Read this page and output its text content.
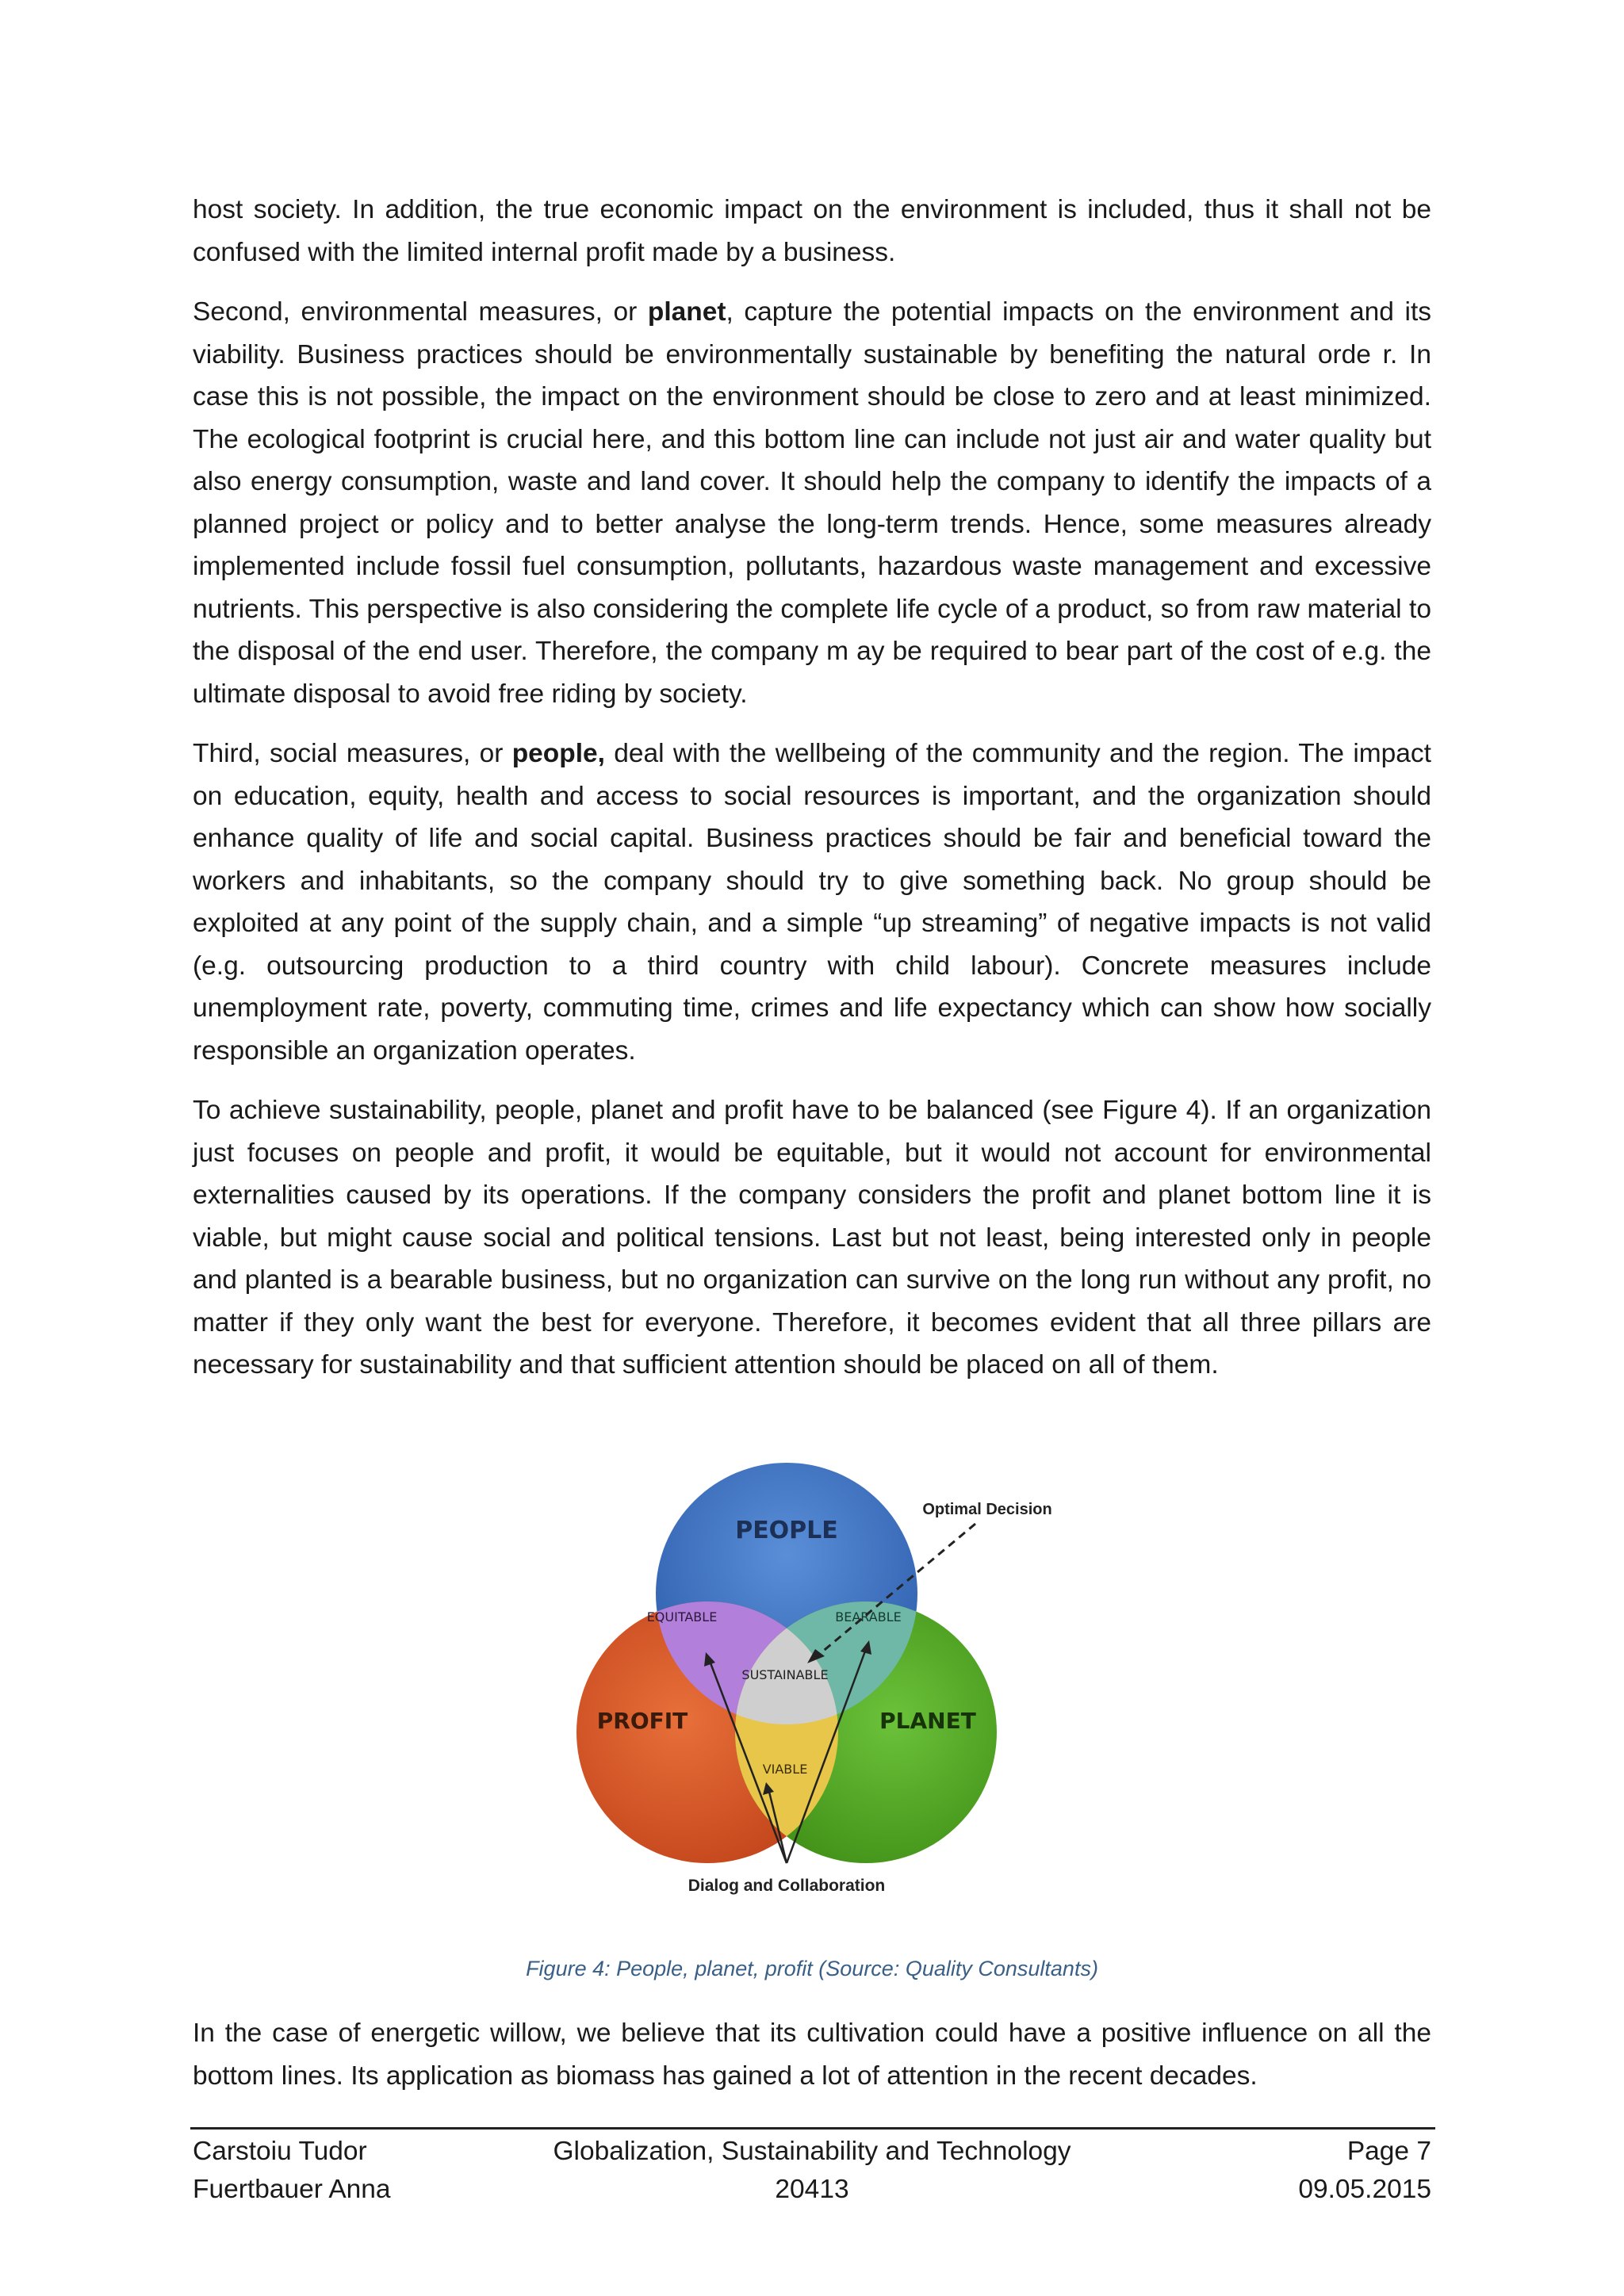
host society. In addition, the true economic impact on the environment is included, thus it shall not be confused with the limited internal profit made by a business.

Second, environmental measures, or planet, capture the potential impacts on the environment and its viability. Business practices should be environmentally sustainable by benefiting the natural orde r. In case this is not possible, the impact on the environment should be close to zero and at least minimized. The ecological footprint is crucial here, and this bottom line can include not just air and water quality but also energy consumption, waste and land cover. It should help the company to identify the impacts of a planned project or policy and to better analyse the long-term trends. Hence, some measures already implemented include fossil fuel consumption, pollutants, hazardous waste management and excessive nutrients. This perspective is also considering the complete life cycle of a product, so from raw material to the disposal of the end user. Therefore, the company m ay be required to bear part of the cost of e.g. the ultimate disposal to avoid free riding by society.

Third, social measures, or people, deal with the wellbeing of the community and the region. The impact on education, equity, health and access to social resources is important, and the organization should enhance quality of life and social capital. Business practices should be fair and beneficial toward the workers and inhabitants, so the company should try to give something back. No group should be exploited at any point of the supply chain, and a simple “up streaming” of negative impacts is not valid (e.g. outsourcing production to a third country with child labour). Concrete measures include unemployment rate, poverty, commuting time, crimes and life expectancy which can show how socially responsible an organization operates.

To achieve sustainability, people, planet and profit have to be balanced (see Figure 4). If an organization just focuses on people and profit, it would be equitable, but it would not account for environmental externalities caused by its operations. If the company considers the profit and planet bottom line it is viable, but might cause social and political tensions. Last but not least, being interested only in people and planted is a bearable business, but no organization can survive on the long run without any profit, no matter if they only want the best for everyone. Therefore, it becomes evident that all three pillars are necessary for sustainability and that sufficient attention should be placed on all of them.

PEOPLE
PROFIT	PLANET
EQUITABLE	BEARABLE
SUSTAINABLE
VIABLE
Optimal Decision
Dialog and Collaboration
Figure 4: People, planet, profit (Source: Quality Consultants)

In the case of energetic willow, we believe that its cultivation could have a positive influence on all the bottom lines. Its application as biomass has gained a lot of attention in the recent decades.

Carstoiu Tudor
Fuertbauer Anna
Globalization, Sustainability and Technology
20413
Page 7
09.05.2015
